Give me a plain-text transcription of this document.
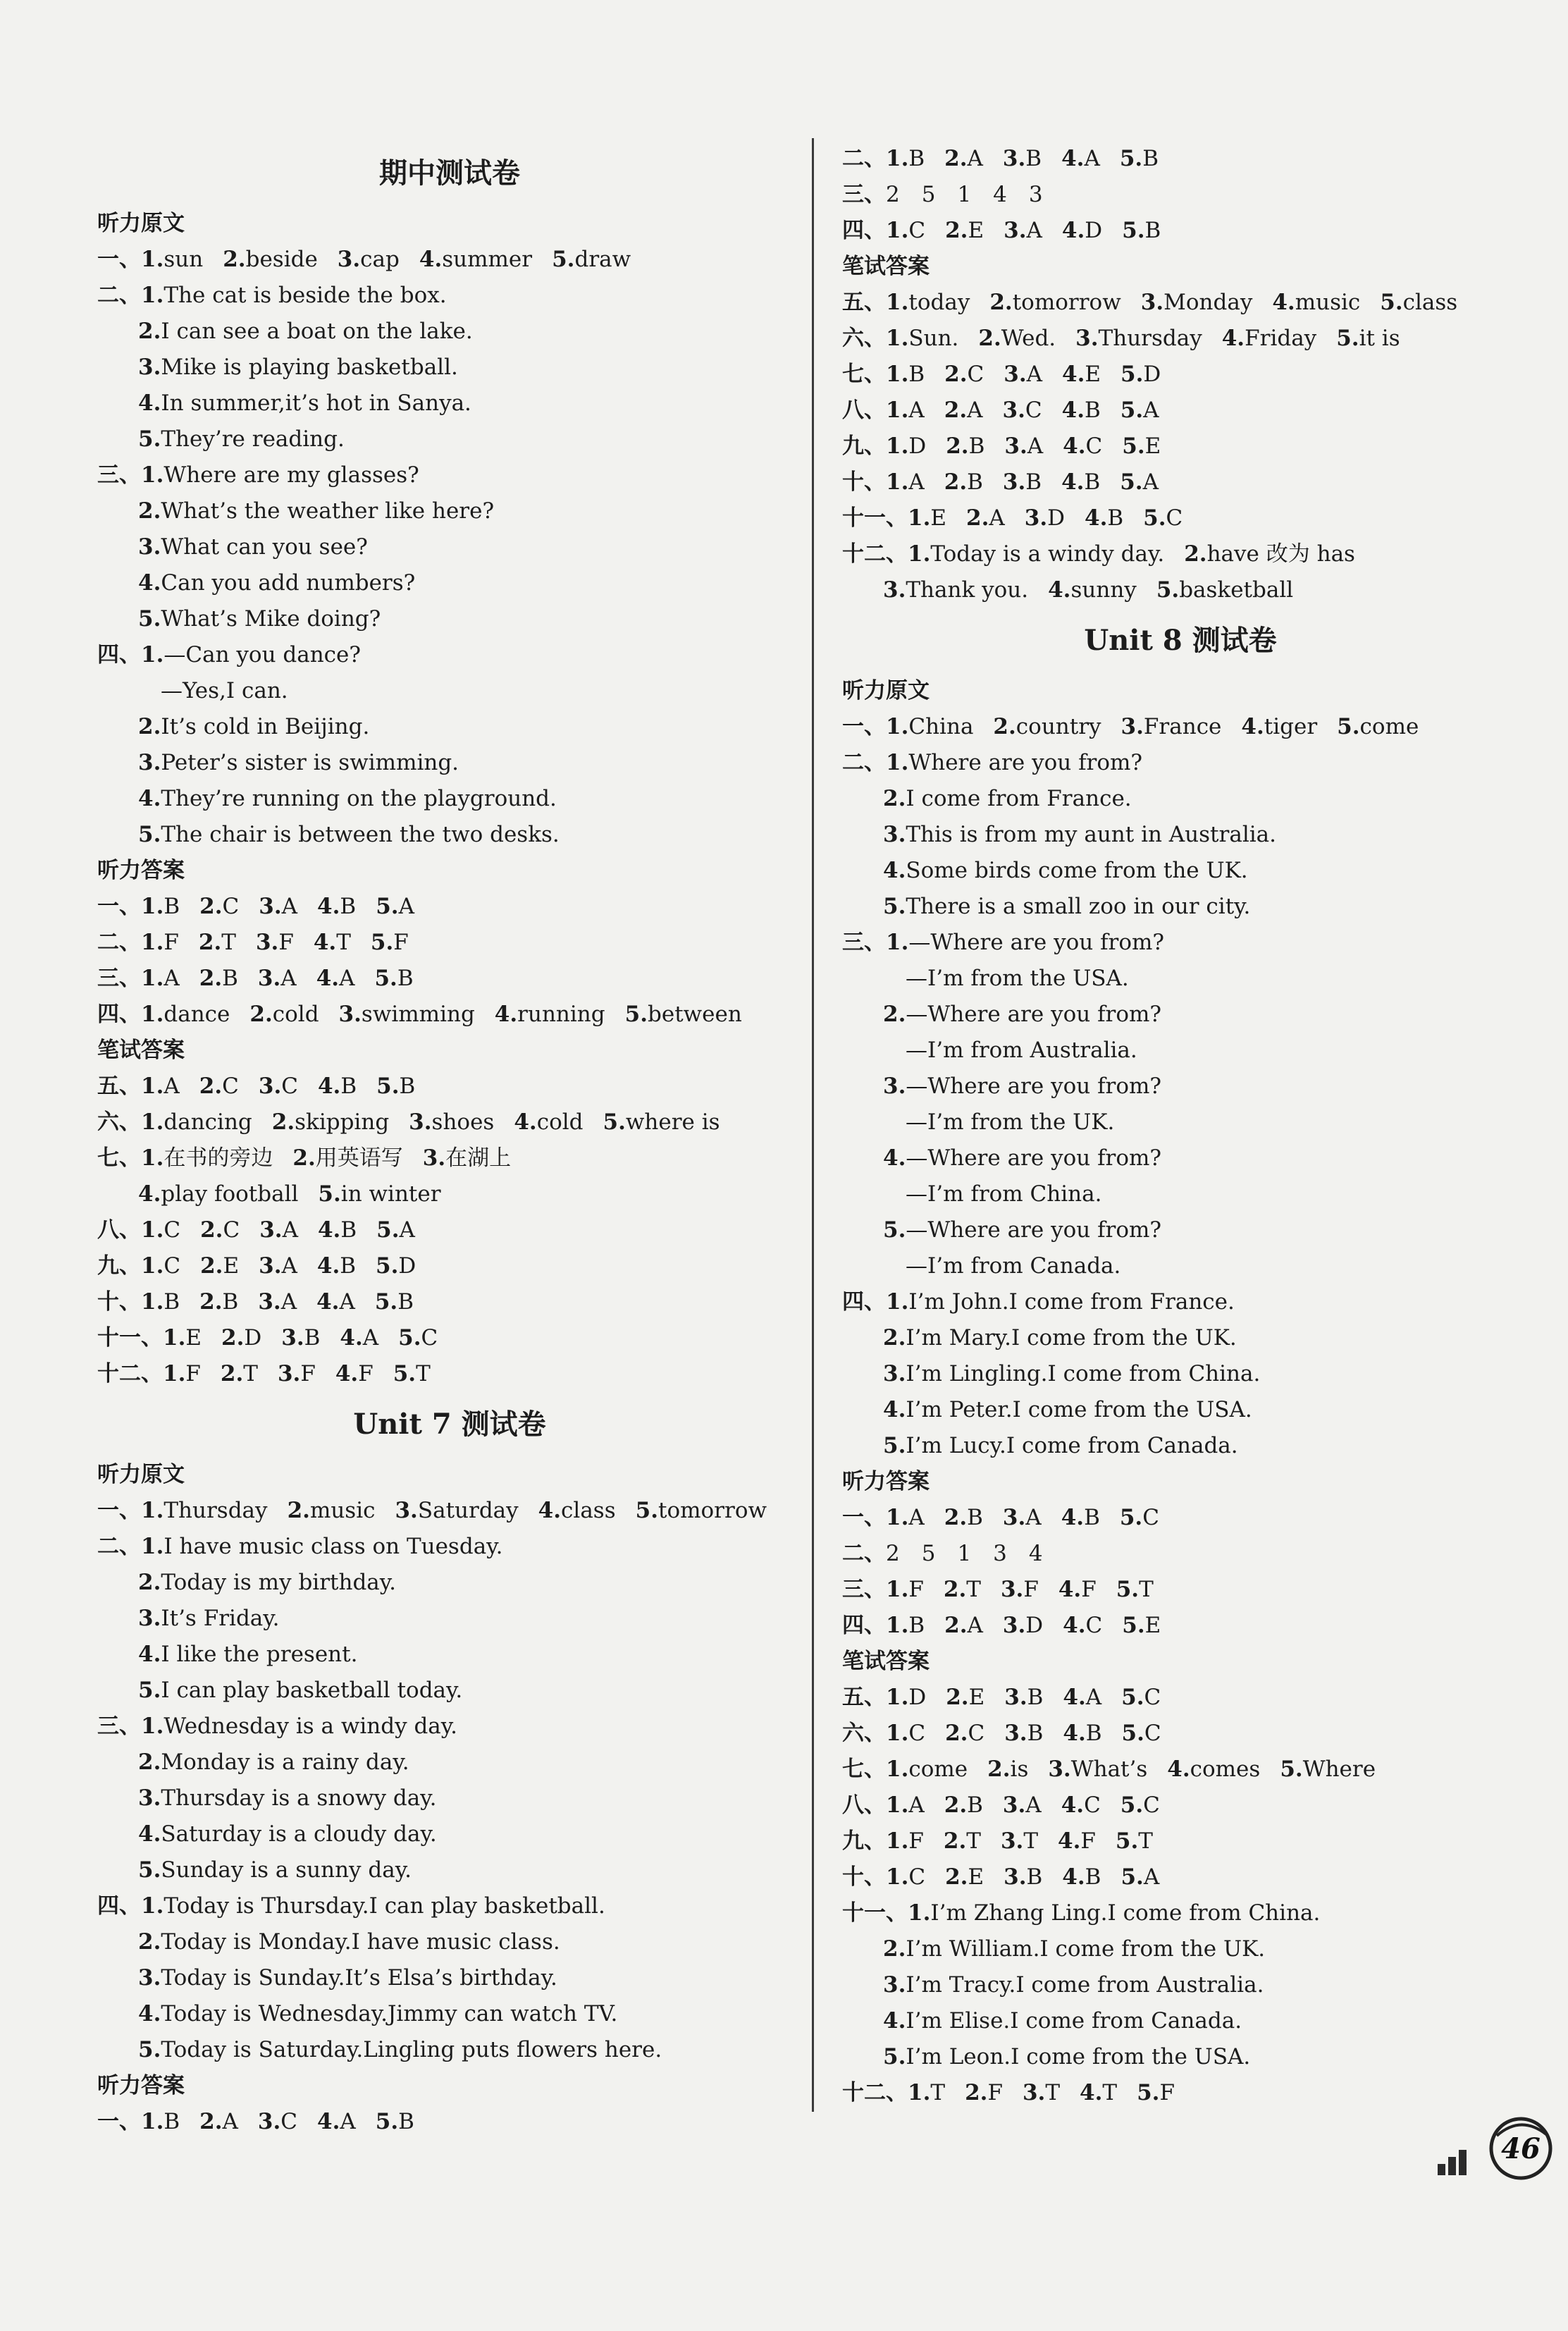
期中测试卷
听力原文
一、1.sun 2.beside 3.cap 4.summer 5.draw
二、1.The cat is beside the box.
2.I can see a boat on the lake.
3.Mike is playing basketball.
4.In summer,it’s hot in Sanya.
5.They’re reading.
三、1.Where are my glasses?
2.What’s the weather like here?
3.What can you see?
4.Can you add numbers?
5.What’s Mike doing?
四、1.—Can you dance?
—Yes,I can.
2.It’s cold in Beijing.
3.Peter’s sister is swimming.
4.They’re running on the playground.
5.The chair is between the two desks.
听力答案
一、1.B 2.C 3.A 4.B 5.A
二、1.F 2.T 3.F 4.T 5.F
三、1.A 2.B 3.A 4.A 5.B
四、1.dance 2.cold 3.swimming 4.running 5.between
笔试答案
五、1.A 2.C 3.C 4.B 5.B
六、1.dancing 2.skipping 3.shoes 4.cold 5.where is
七、1.在书的旁边 2.用英语写 3.在湖上
4.play football 5.in winter
八、1.C 2.C 3.A 4.B 5.A
九、1.C 2.E 3.A 4.B 5.D
十、1.B 2.B 3.A 4.A 5.B
十一、1.E 2.D 3.B 4.A 5.C
十二、1.F 2.T 3.F 4.F 5.T
Unit 7 测试卷
听力原文
一、1.Thursday 2.music 3.Saturday 4.class 5.tomorrow
二、1.I have music class on Tuesday.
2.Today is my birthday.
3.It’s Friday.
4.I like the present.
5.I can play basketball today.
三、1.Wednesday is a windy day.
2.Monday is a rainy day.
3.Thursday is a snowy day.
4.Saturday is a cloudy day.
5.Sunday is a sunny day.
四、1.Today is Thursday.I can play basketball.
2.Today is Monday.I have music class.
3.Today is Sunday.It’s Elsa’s birthday.
4.Today is Wednesday.Jimmy can watch TV.
5.Today is Saturday.Lingling puts flowers here.
听力答案
一、1.B 2.A 3.C 4.A 5.B
二、1.B 2.A 3.B 4.A 5.B
三、2　5　1　4　3
四、1.C 2.E 3.A 4.D 5.B
笔试答案
五、1.today 2.tomorrow 3.Monday 4.music 5.class
六、1.Sun. 2.Wed. 3.Thursday 4.Friday 5.it is
七、1.B 2.C 3.A 4.E 5.D
八、1.A 2.A 3.C 4.B 5.A
九、1.D 2.B 3.A 4.C 5.E
十、1.A 2.B 3.B 4.B 5.A
十一、1.E 2.A 3.D 4.B 5.C
十二、1.Today is a windy day. 2.have 改为 has
3.Thank you. 4.sunny 5.basketball
Unit 8 测试卷
听力原文
一、1.China 2.country 3.France 4.tiger 5.come
二、1.Where are you from?
2.I come from France.
3.This is from my aunt in Australia.
4.Some birds come from the UK.
5.There is a small zoo in our city.
三、1.—Where are you from?
—I’m from the USA.
2.—Where are you from?
—I’m from Australia.
3.—Where are you from?
—I’m from the UK.
4.—Where are you from?
—I’m from China.
5.—Where are you from?
—I’m from Canada.
四、1.I’m John.I come from France.
2.I’m Mary.I come from the UK.
3.I’m Lingling.I come from China.
4.I’m Peter.I come from the USA.
5.I’m Lucy.I come from Canada.
听力答案
一、1.A 2.B 3.A 4.B 5.C
二、2　5　1　3　4
三、1.F 2.T 3.F 4.F 5.T
四、1.B 2.A 3.D 4.C 5.E
笔试答案
五、1.D 2.E 3.B 4.A 5.C
六、1.C 2.C 3.B 4.B 5.C
七、1.come 2.is 3.What’s 4.comes 5.Where
八、1.A 2.B 3.A 4.C 5.C
九、1.F 2.T 3.T 4.F 5.T
十、1.C 2.E 3.B 4.B 5.A
十一、1.I’m Zhang Ling.I come from China.
2.I’m William.I come from the UK.
3.I’m Tracy.I come from Australia.
4.I’m Elise.I come from Canada.
5.I’m Leon.I come from the USA.
十二、1.T 2.F 3.T 4.T 5.F
46
